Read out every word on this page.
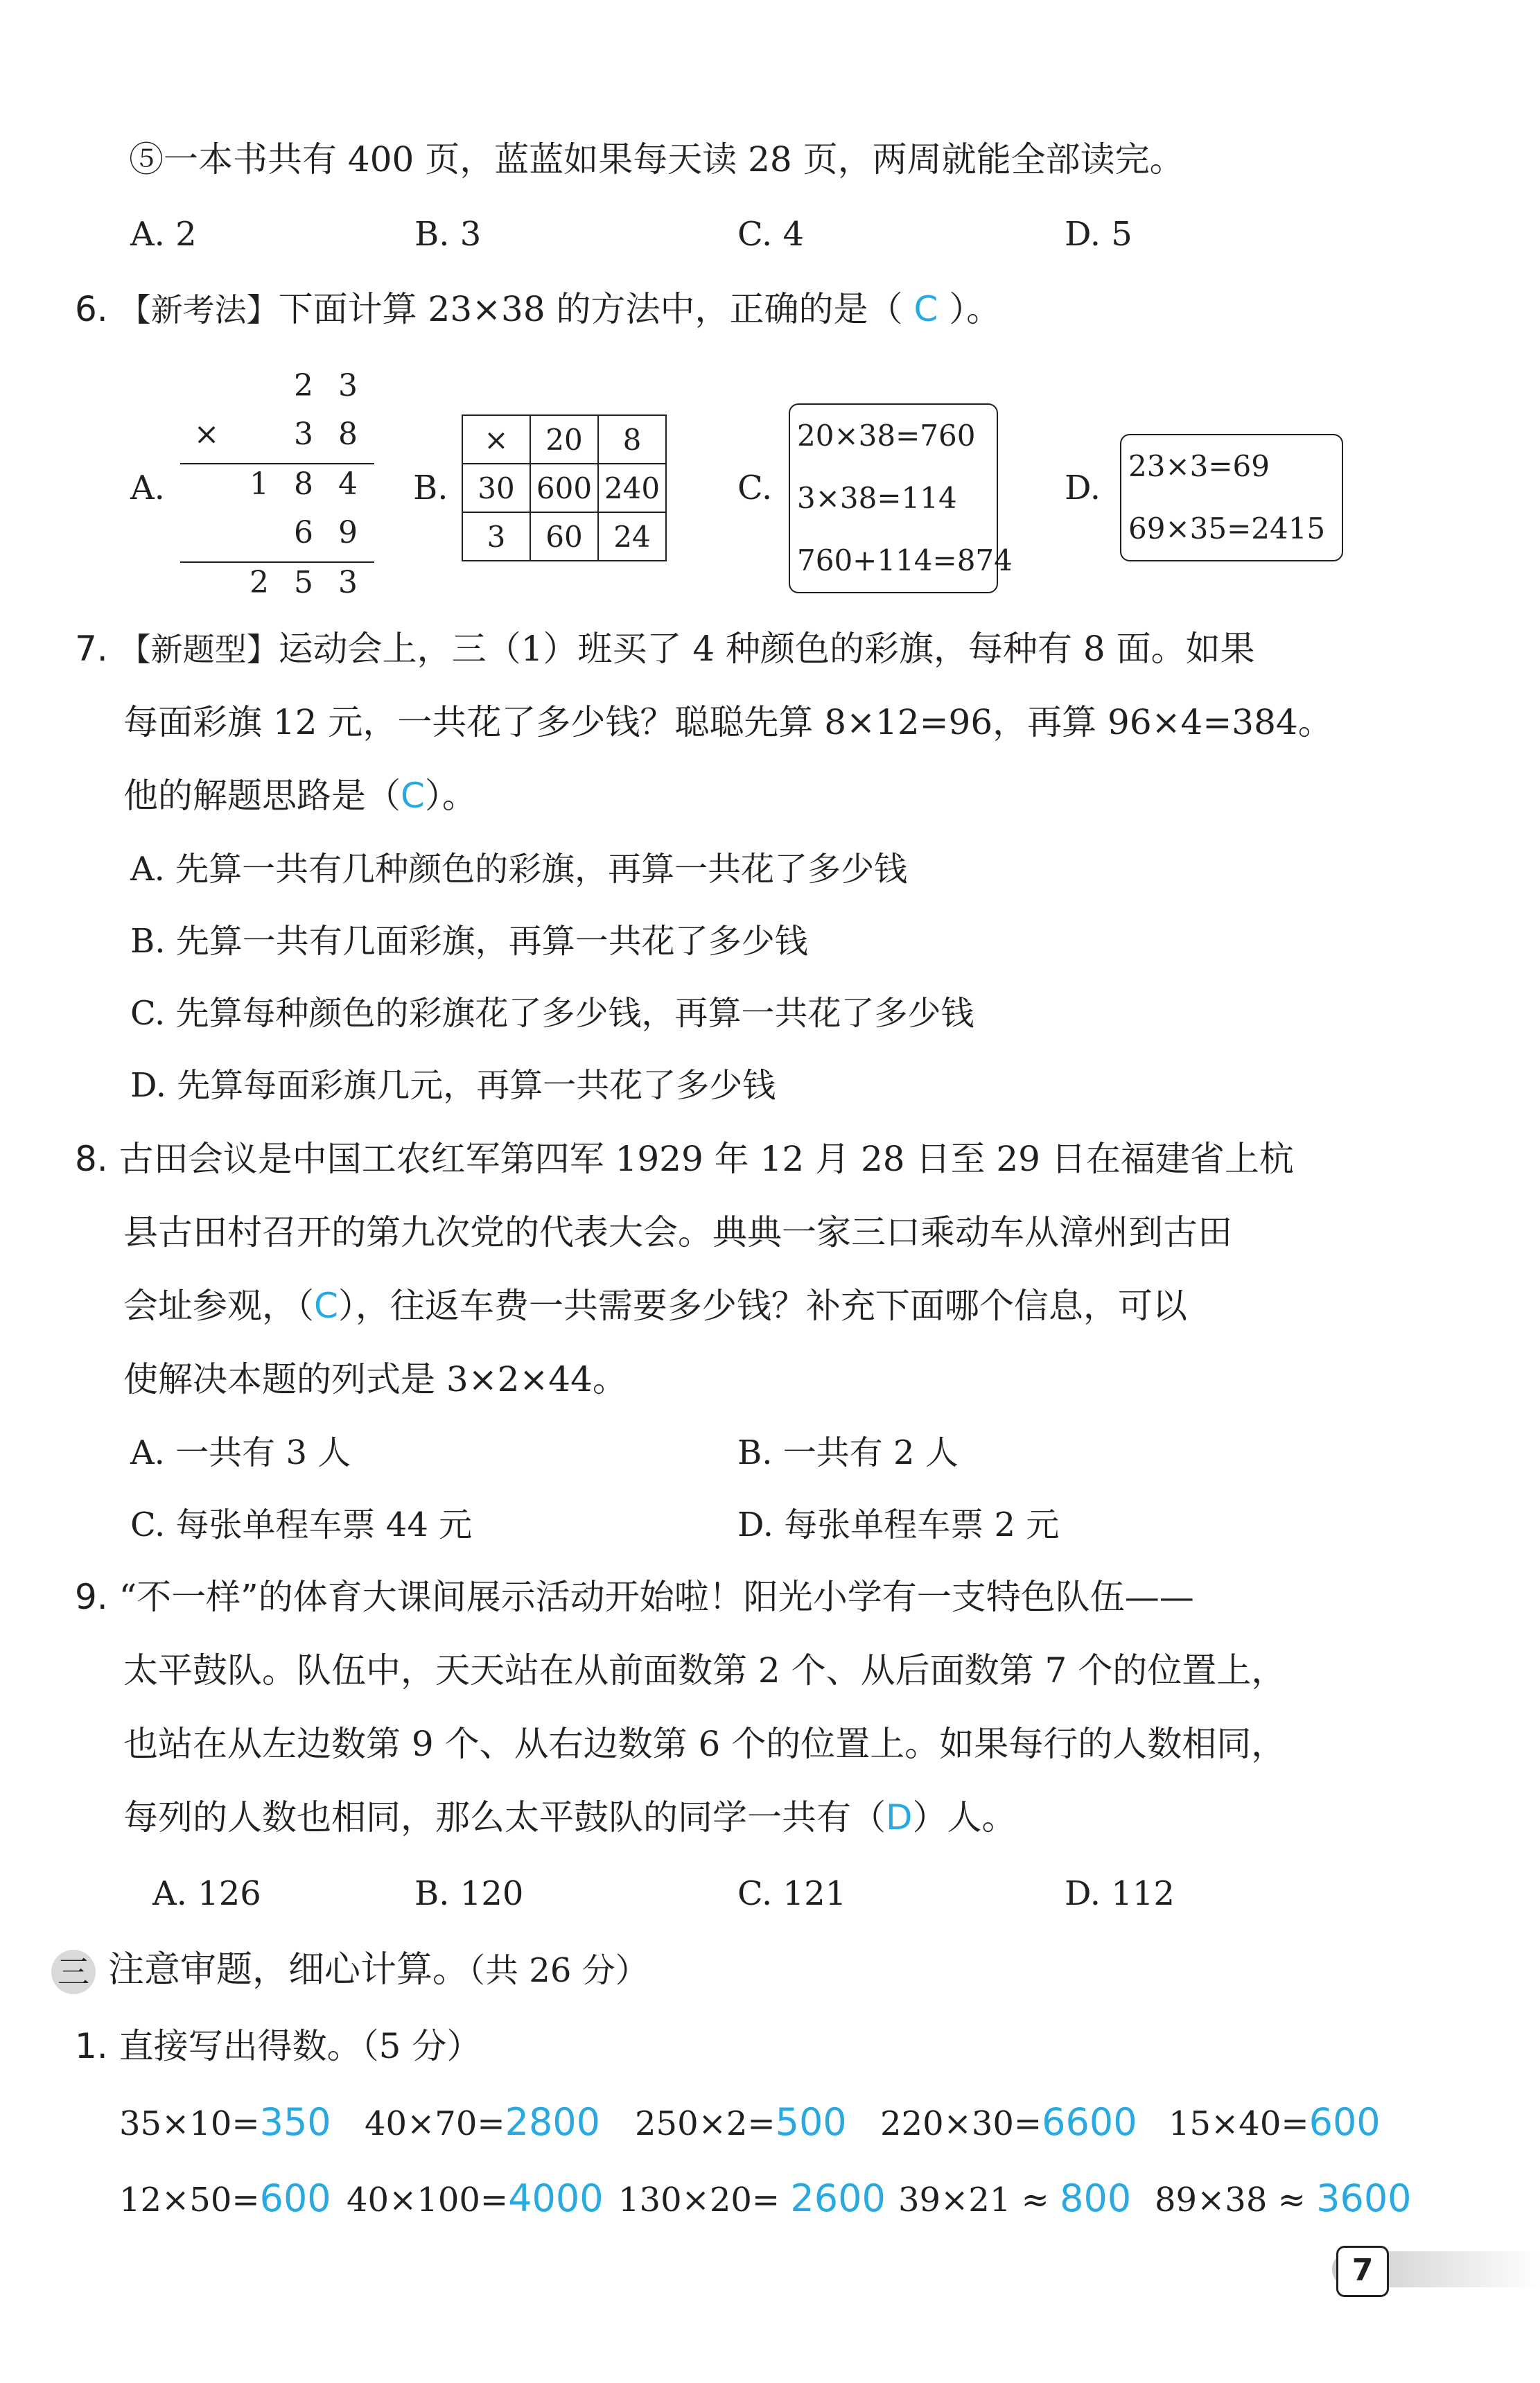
⑤一本书共有 400 页，蓝蓝如果每天读 28 页，两周就能全部读完。
A. 2	B. 3	C. 4	D. 5
6. 【新考法】下面计算 23×38 的方法中，正确的是（ C ）。
A.
2 3
×	3 8
1 8 4
6 9
2 5 3
B.
×	20	8
30	600	240
3	60	24
C.
20×38=760
3×38=114
760+114=874
D.
23×3=69
69×35=2415
7. 【新题型】运动会上，三（1）班买了 4 种颜色的彩旗，每种有 8 面。如果
每面彩旗 12 元，一共花了多少钱？聪聪先算 8×12=96，再算 96×4=384。
他的解题思路是（C）。
A. 先算一共有几种颜色的彩旗，再算一共花了多少钱
B. 先算一共有几面彩旗，再算一共花了多少钱
C. 先算每种颜色的彩旗花了多少钱，再算一共花了多少钱
D. 先算每面彩旗几元，再算一共花了多少钱
8. 古田会议是中国工农红军第四军 1929 年 12 月 28 日至 29 日在福建省上杭
县古田村召开的第九次党的代表大会。典典一家三口乘动车从漳州到古田
会址参观，（C），往返车费一共需要多少钱？补充下面哪个信息，可以
使解决本题的列式是 3×2×44。
A. 一共有 3 人	B. 一共有 2 人
C. 每张单程车票 44 元	D. 每张单程车票 2 元
9. “不一样”的体育大课间展示活动开始啦！阳光小学有一支特色队伍——
太平鼓队。队伍中，天天站在从前面数第 2 个、从后面数第 7 个的位置上，
也站在从左边数第 9 个、从右边数第 6 个的位置上。如果每行的人数相同，
每列的人数也相同，那么太平鼓队的同学一共有（D）人。
A. 126	B. 120	C. 121	D. 112
三 注意审题，细心计算。（共 26 分）
1. 直接写出得数。（5 分）
35×10=350 40×70=2800 250×2=500 220×30=6600 15×40=600
12×50=600 40×100=4000 130×20= 2600 39×21 ≈ 800 89×38 ≈ 3600
7
